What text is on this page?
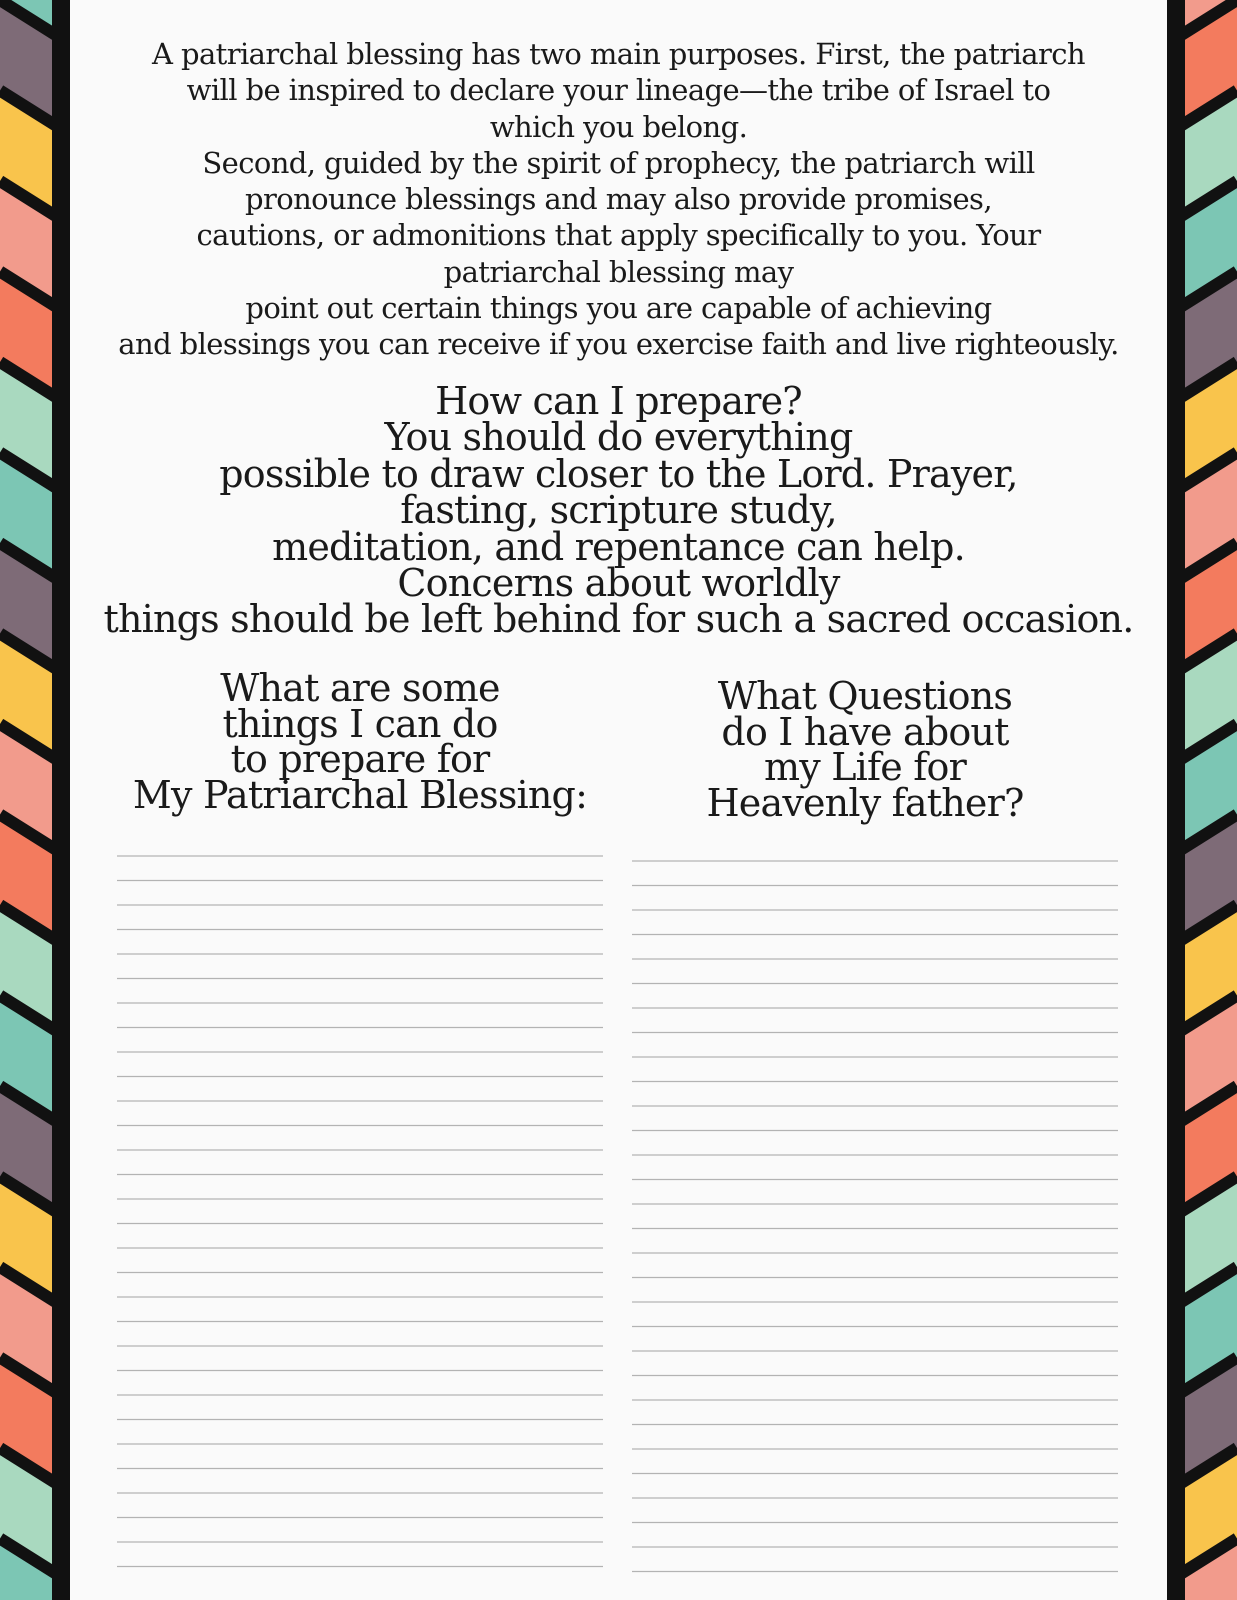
A patriarchal blessing has two main purposes. First, the patriarch
will be inspired to declare your lineage—the tribe of Israel to
which you belong.
Second, guided by the spirit of prophecy, the patriarch will
pronounce blessings and may also provide promises,
cautions, or admonitions that apply specifically to you. Your
patriarchal blessing may
point out certain things you are capable of achieving
and blessings you can receive if you exercise faith and live righteously.

How can I prepare?
You should do everything
possible to draw closer to the Lord. Prayer,
fasting, scripture study,
meditation, and repentance can help.
Concerns about worldly
things should be left behind for such a sacred occasion.

What are some
things I can do
to prepare for
My Patriarchal Blessing:
What Questions
do I have about
my Life for
Heavenly father?
